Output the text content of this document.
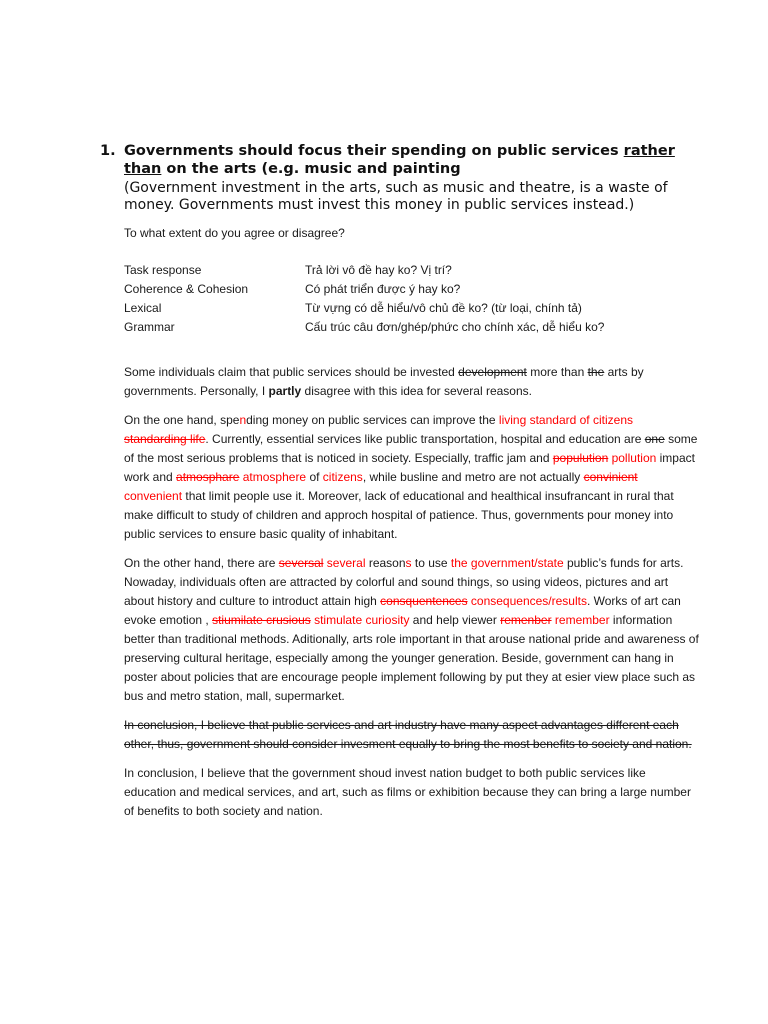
1. Governments should focus their spending on public services rather than on the arts (e.g. music and painting
(Government investment in the arts, such as music and theatre, is a waste of money. Governments must invest this money in public services instead.)
To what extent do you agree or disagree?
Task response	Trả lời vô đề hay ko? Vị trí?
Coherence & Cohesion	Có phát triển được ý hay ko?
Lexical	Từ vựng có dễ hiểu/vô chủ đề ko? (từ loại, chính tả)
Grammar	Cấu trúc câu đơn/ghép/phức cho chính xác, dễ hiểu ko?

Some individuals claim that public services should be invested development more than the arts by governments. Personally, I partly disagree with this idea for several reasons.

On the one hand, spending money on public services can improve the living standard of citizens standarding life. Currently, essential services like public transportation, hospital and education are one some of the most serious problems that is noticed in society. Especially, traffic jam and populution pollution impact work and atmosphare atmosphere of citizens, while busline and metro are not actually convinient convenient that limit people use it. Moreover, lack of educational and healthical insufrancant in rural that make difficult to study of children and approch hospital of patience. Thus, governments pour money into public services to ensure basic quality of inhabitant.

On the other hand, there are seversal several reasons to use the government/state public’s funds for arts. Nowaday, individuals often are attracted by colorful and sound things, so using videos, pictures and art about history and culture to introduct attain high consquentences consequences/results. Works of art can evoke emotion , stiumilate crusious stimulate curiosity and help viewer remenber remember information better than traditional methods. Aditionally, arts role important in that arouse national pride and awareness of preserving cultural heritage, especially among the younger generation. Beside, government can hang in poster about policies that are encourage people implement following by put they at esier view place such as bus and metro station, mall, supermarket.

In conclusion, I believe that public services and art industry have many aspect advantages different each other, thus, government should consider invesment equally to bring the most benefits to society and nation.

In conclusion, I believe that the government shoud invest nation budget to both public services like education and medical services, and art, such as films or exhibition because they can bring a large number of benefits to both society and nation.
